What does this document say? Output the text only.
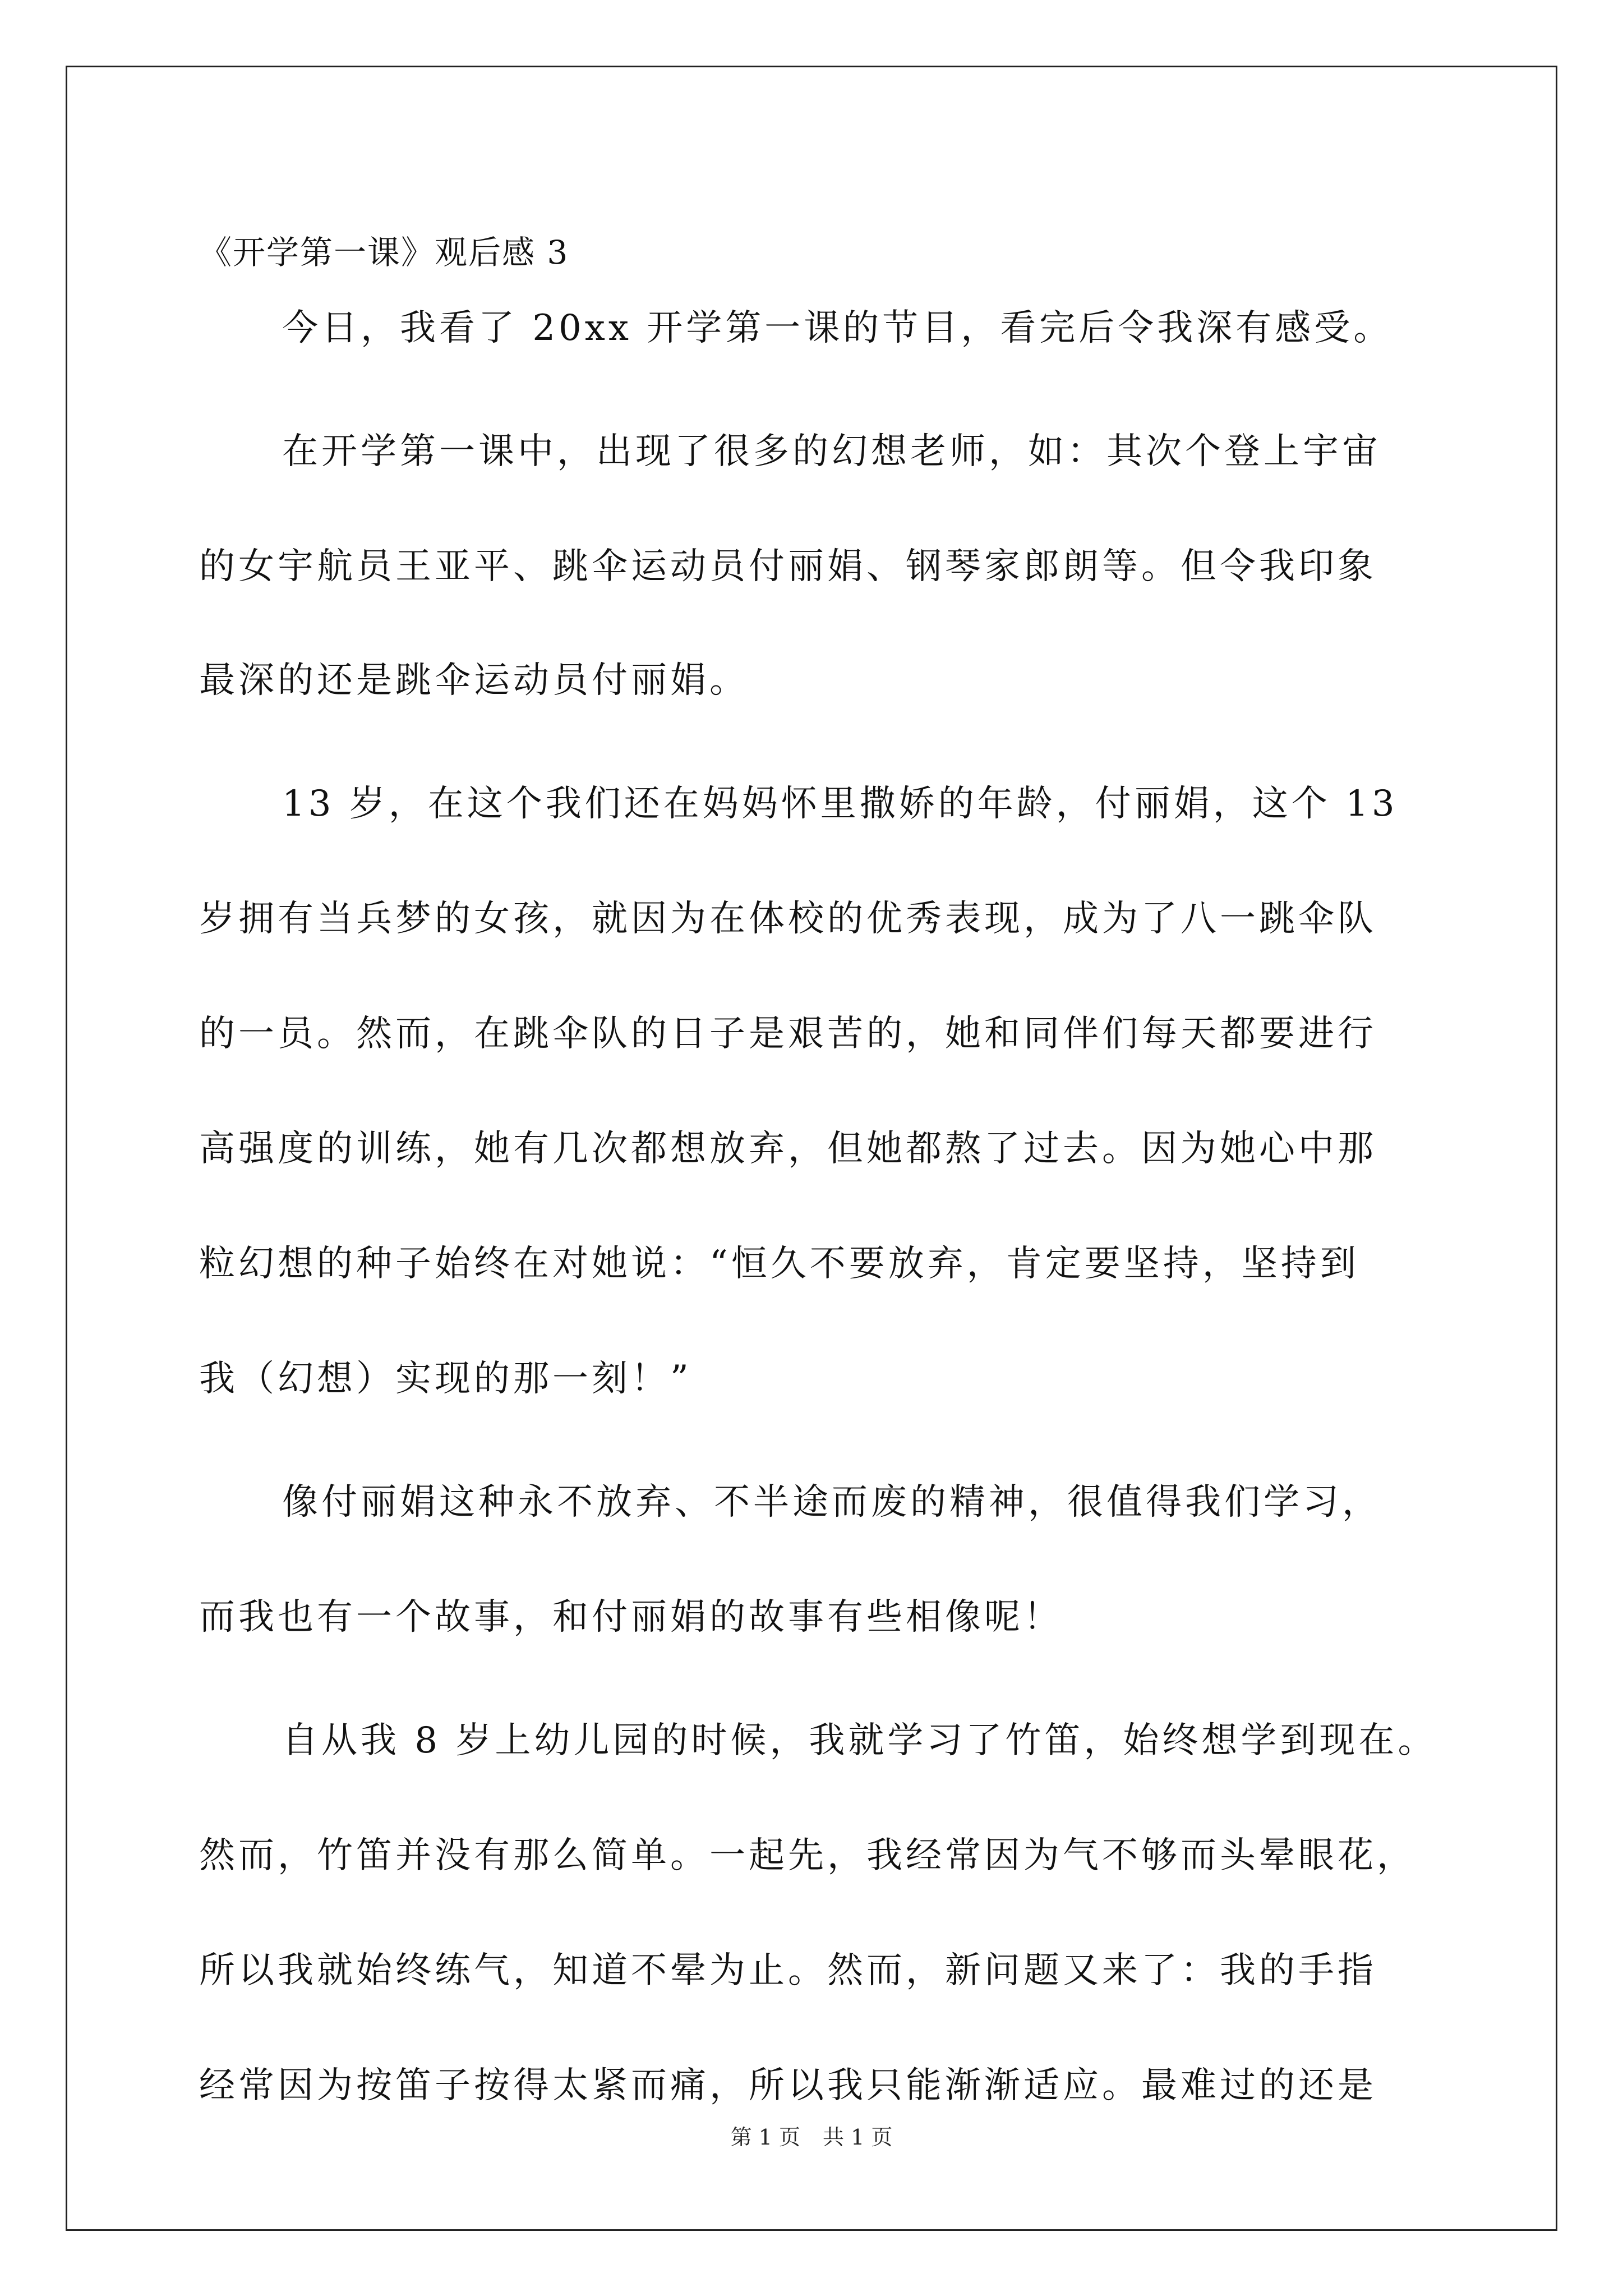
《开学第一课》观后感 3
今日，我看了 20xx 开学第一课的节目，看完后令我深有感受。
在开学第一课中，出现了很多的幻想老师，如：其次个登上宇宙
的女宇航员王亚平、跳伞运动员付丽娟、钢琴家郎朗等。但令我印象
最深的还是跳伞运动员付丽娟。
13 岁，在这个我们还在妈妈怀里撒娇的年龄，付丽娟，这个 13
岁拥有当兵梦的女孩，就因为在体校的优秀表现，成为了八一跳伞队
的一员。然而，在跳伞队的日子是艰苦的，她和同伴们每天都要进行
高强度的训练，她有几次都想放弃，但她都熬了过去。因为她心中那
粒幻想的种子始终在对她说：“恒久不要放弃，肯定要坚持，坚持到
我（幻想）实现的那一刻！”
像付丽娟这种永不放弃、不半途而废的精神，很值得我们学习，
而我也有一个故事，和付丽娟的故事有些相像呢！
自从我 8 岁上幼儿园的时候，我就学习了竹笛，始终想学到现在。
然而，竹笛并没有那么简单。一起先，我经常因为气不够而头晕眼花，
所以我就始终练气，知道不晕为止。然而，新问题又来了：我的手指
经常因为按笛子按得太紧而痛，所以我只能渐渐适应。最难过的还是
第 1 页 共 1 页
